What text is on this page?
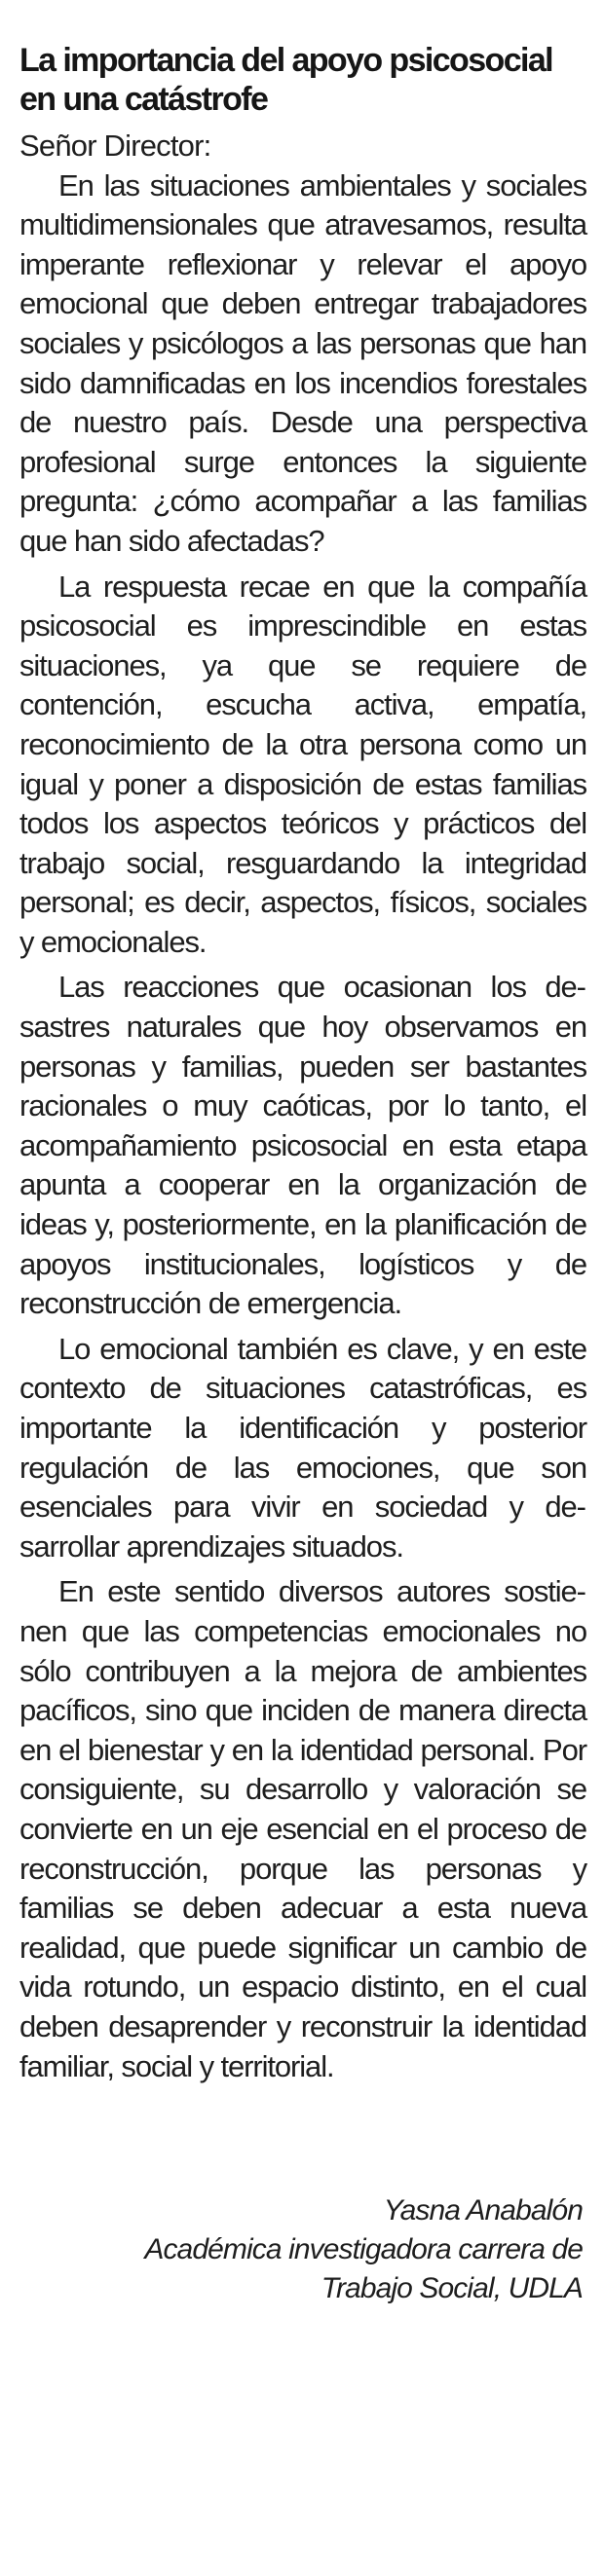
La importancia del apoyo psicosocial en una catástrofe

Señor Director:

En las situaciones ambientales y sociales multidimensionales que atravesamos, resulta imperante reflexionar y relevar el apoyo emocional que deben entregar trabajadores sociales y psicólogos a las personas que han sido damnificadas en los incendios forestales de nuestro país. Desde una perspectiva profesional surge entonces la siguiente pregunta: ¿cómo acompañar a las familias que han sido afectadas?

La respuesta recae en que la compañía psicosocial es imprescindible en estas situaciones, ya que se requiere de contención, escucha activa, empatía, reconocimiento de la otra persona como un igual y poner a disposición de estas familias todos los aspectos teóricos y prácticos del trabajo social, resguardando la integridad personal; es decir, aspectos, físicos, sociales y emocionales.

Las reacciones que ocasionan los desastres naturales que hoy observamos en personas y familias, pueden ser bastantes racionales o muy caóticas, por lo tanto, el acompañamiento psicosocial en esta etapa apunta a cooperar en la organización de ideas y, posteriormente, en la planificación de apoyos institucionales, logísticos y de reconstrucción de emergencia.

Lo emocional también es clave, y en este contexto de situaciones catastróficas, es importante la identificación y posterior regulación de las emociones, que son esenciales para vivir en sociedad y desarrollar aprendizajes situados.

En este sentido diversos autores sostienen que las competencias emocionales no sólo contribuyen a la mejora de ambientes pacíficos, sino que inciden de manera directa en el bienestar y en la identidad personal. Por consiguiente, su desarrollo y valoración se convierte en un eje esencial en el proceso de reconstrucción, porque las personas y familias se deben adecuar a esta nueva realidad, que puede significar un cambio de vida rotundo, un espacio distinto, en el cual deben desaprender y reconstruir la identidad familiar, social y territorial.

Yasna Anabalón
Académica investigadora carrera de
Trabajo Social, UDLA
